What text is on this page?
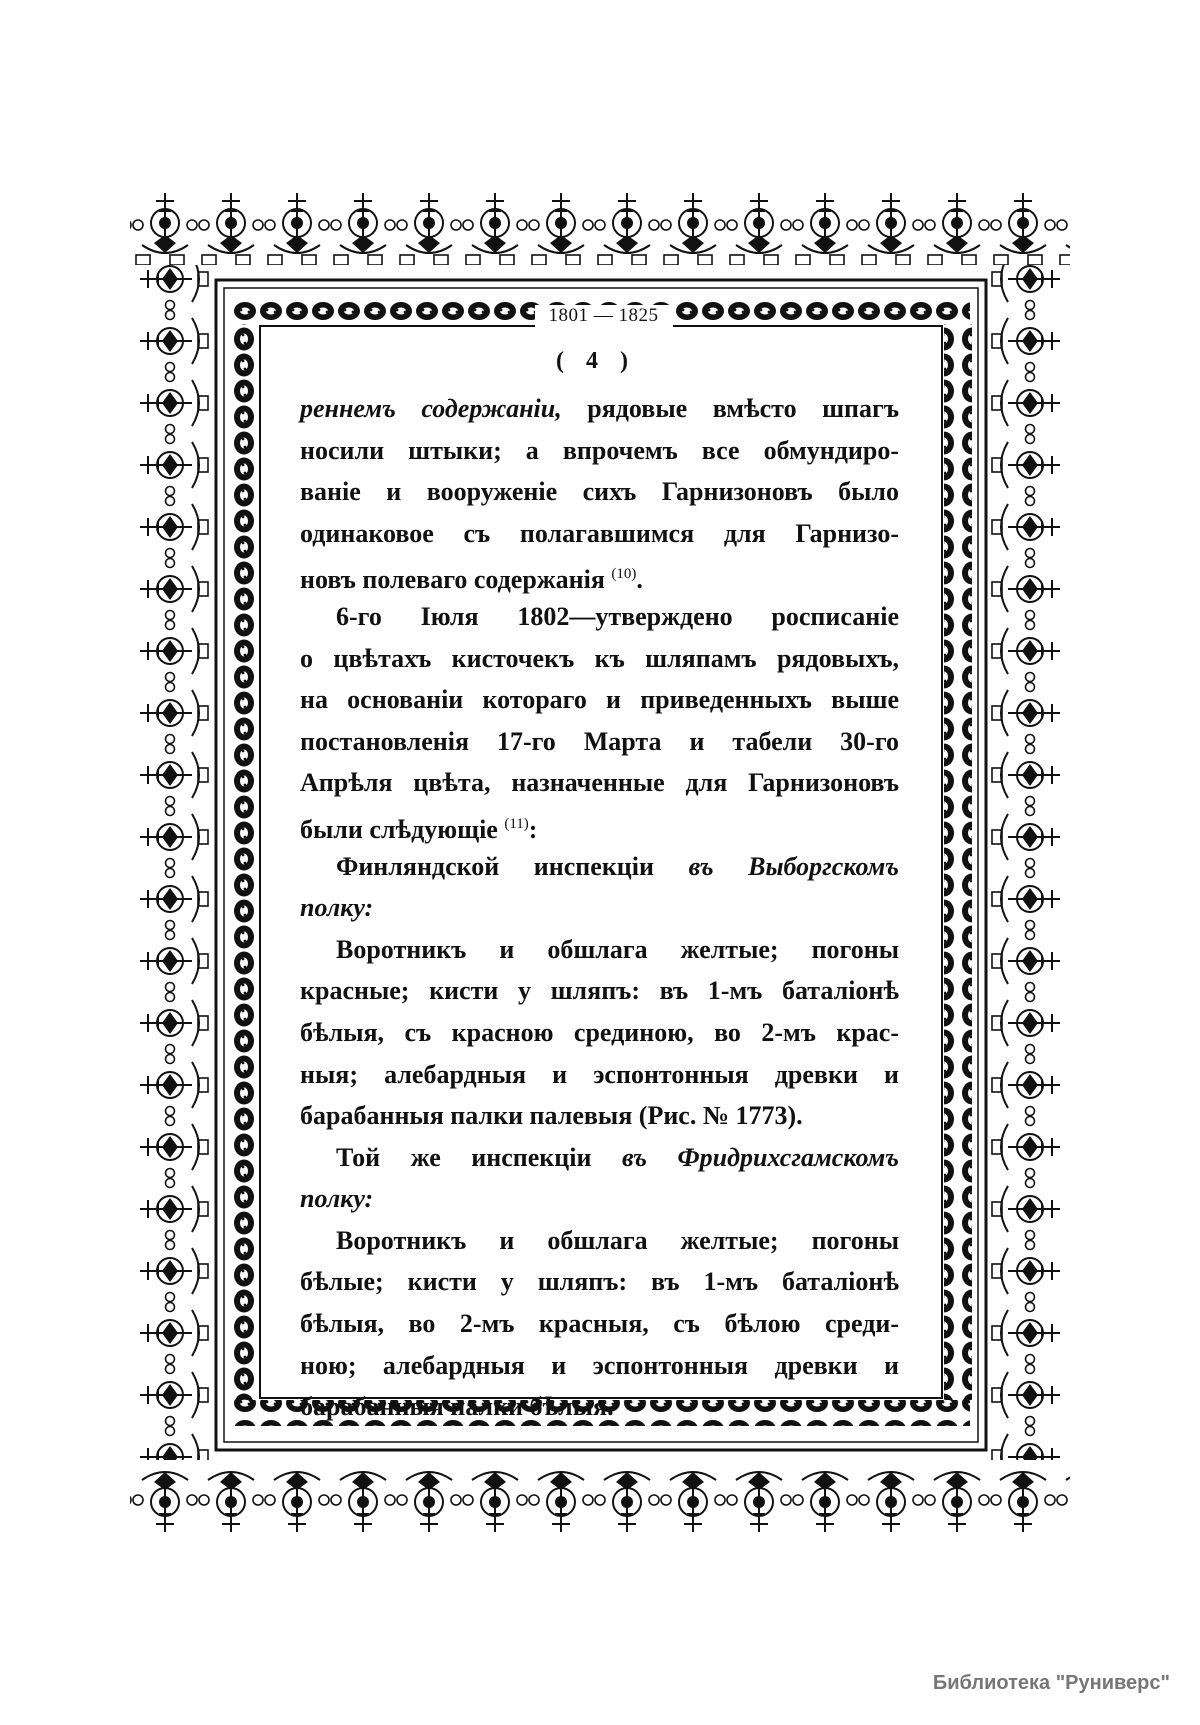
1801 — 1825
( 4 )
реннемъ содержаніи, рядовые вмѣсто шпагъ
носили штыки; а впрочемъ все обмундиро-
ваніе и вооруженіе сихъ Гарнизоновъ было
одинаковое съ полагавшимся для Гарнизо-
новъ полеваго содержанія $^{(10)}$.
6-го Іюля 1802—утверждено росписаніе
о цвѣтахъ кисточекъ къ шляпамъ рядовыхъ,
на основаніи котораго и приведенныхъ выше
постановленія 17-го Марта и табели 30-го
Апрѣля цвѣта, назначенные для Гарнизоновъ
были слѣдующіе $^{(11)}$:
Финляндской инспекціи въ Выборгскомъ
полку:
Воротникъ и обшлага желтые; погоны
красные; кисти у шляпъ: въ 1-мъ баталіонѣ
бѣлыя, съ красною срединою, во 2-мъ крас-
ныя; алебардныя и эспонтонныя древки и
барабанныя палки палевыя (Рис. № 1773).
Той же инспекціи въ Фридрихсгамскомъ
полку:
Воротникъ и обшлага желтые; погоны
бѣлые; кисти у шляпъ: въ 1-мъ баталіонѣ
бѣлыя, во 2-мъ красныя, съ бѣлою среди-
ною; алебардныя и эспонтонныя древки и
барабанныя палки бѣлыя.
Библиотека "Руниверс"
